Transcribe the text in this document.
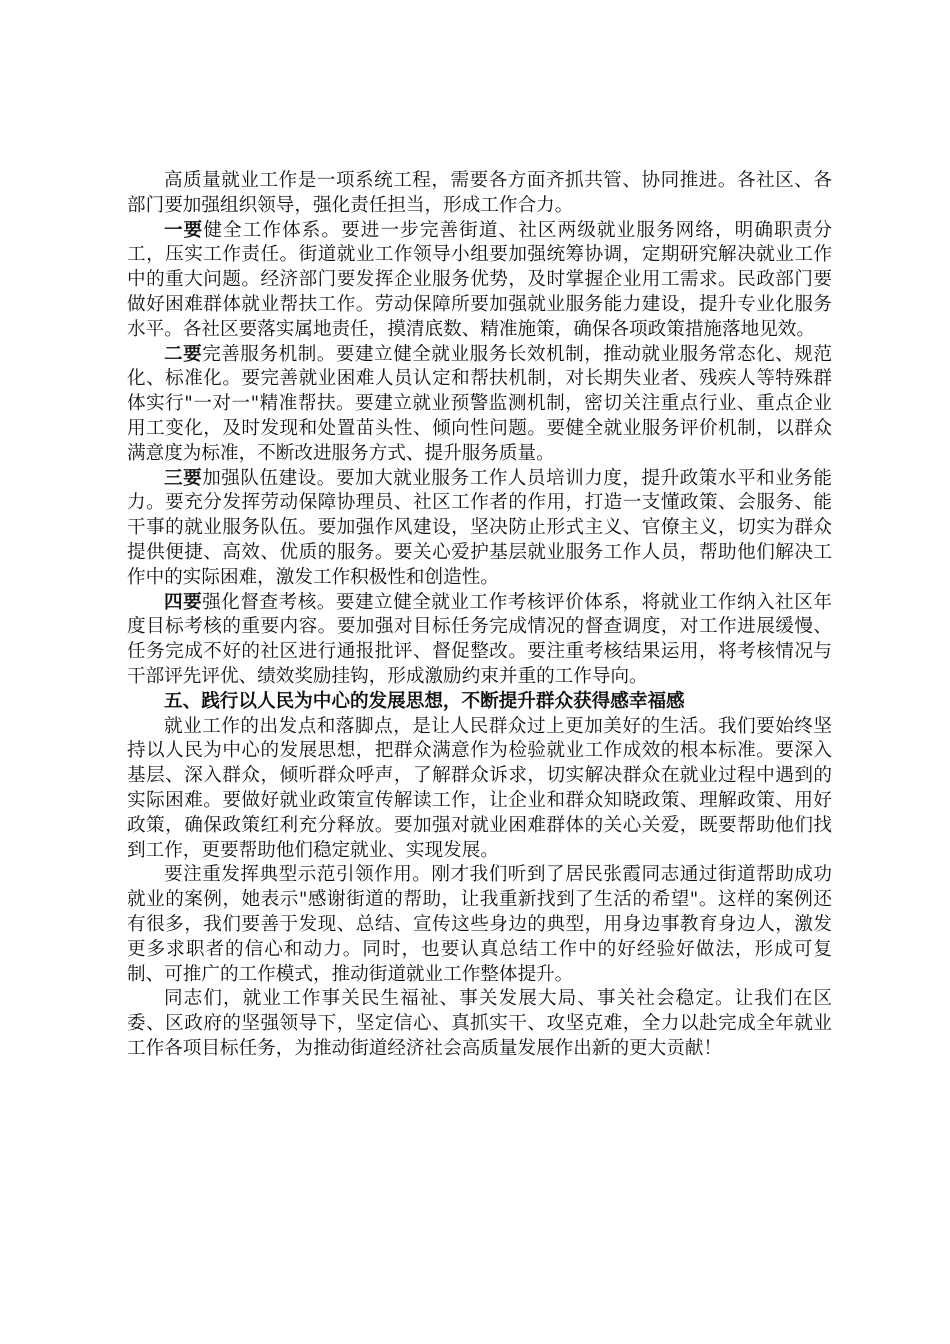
高质量就业工作是一项系统工程，需要各方面齐抓共管、协同推进。各社区、各部门要加强组织领导，强化责任担当，形成工作合力。

一要健全工作体系。要进一步完善街道、社区两级就业服务网络，明确职责分工，压实工作责任。街道就业工作领导小组要加强统筹协调，定期研究解决就业工作中的重大问题。经济部门要发挥企业服务优势，及时掌握企业用工需求。民政部门要做好困难群体就业帮扶工作。劳动保障所要加强就业服务能力建设，提升专业化服务水平。各社区要落实属地责任，摸清底数、精准施策，确保各项政策措施落地见效。

二要完善服务机制。要建立健全就业服务长效机制，推动就业服务常态化、规范化、标准化。要完善就业困难人员认定和帮扶机制，对长期失业者、残疾人等特殊群体实行"一对一"精准帮扶。要建立就业预警监测机制，密切关注重点行业、重点企业用工变化，及时发现和处置苗头性、倾向性问题。要健全就业服务评价机制，以群众满意度为标准，不断改进服务方式、提升服务质量。

三要加强队伍建设。要加大就业服务工作人员培训力度，提升政策水平和业务能力。要充分发挥劳动保障协理员、社区工作者的作用，打造一支懂政策、会服务、能干事的就业服务队伍。要加强作风建设，坚决防止形式主义、官僚主义，切实为群众提供便捷、高效、优质的服务。要关心爱护基层就业服务工作人员，帮助他们解决工作中的实际困难，激发工作积极性和创造性。

四要强化督查考核。要建立健全就业工作考核评价体系，将就业工作纳入社区年度目标考核的重要内容。要加强对目标任务完成情况的督查调度，对工作进展缓慢、任务完成不好的社区进行通报批评、督促整改。要注重考核结果运用，将考核情况与干部评先评优、绩效奖励挂钩，形成激励约束并重的工作导向。

五、践行以人民为中心的发展思想，不断提升群众获得感幸福感

就业工作的出发点和落脚点，是让人民群众过上更加美好的生活。我们要始终坚持以人民为中心的发展思想，把群众满意作为检验就业工作成效的根本标准。要深入基层、深入群众，倾听群众呼声，了解群众诉求，切实解决群众在就业过程中遇到的实际困难。要做好就业政策宣传解读工作，让企业和群众知晓政策、理解政策、用好政策，确保政策红利充分释放。要加强对就业困难群体的关心关爱，既要帮助他们找到工作，更要帮助他们稳定就业、实现发展。

要注重发挥典型示范引领作用。刚才我们听到了居民张霞同志通过街道帮助成功就业的案例，她表示"感谢街道的帮助，让我重新找到了生活的希望"。这样的案例还有很多，我们要善于发现、总结、宣传这些身边的典型，用身边事教育身边人，激发更多求职者的信心和动力。同时，也要认真总结工作中的好经验好做法，形成可复制、可推广的工作模式，推动街道就业工作整体提升。

同志们，就业工作事关民生福祉、事关发展大局、事关社会稳定。让我们在区委、区政府的坚强领导下，坚定信心、真抓实干、攻坚克难，全力以赴完成全年就业工作各项目标任务，为推动街道经济社会高质量发展作出新的更大贡献！
